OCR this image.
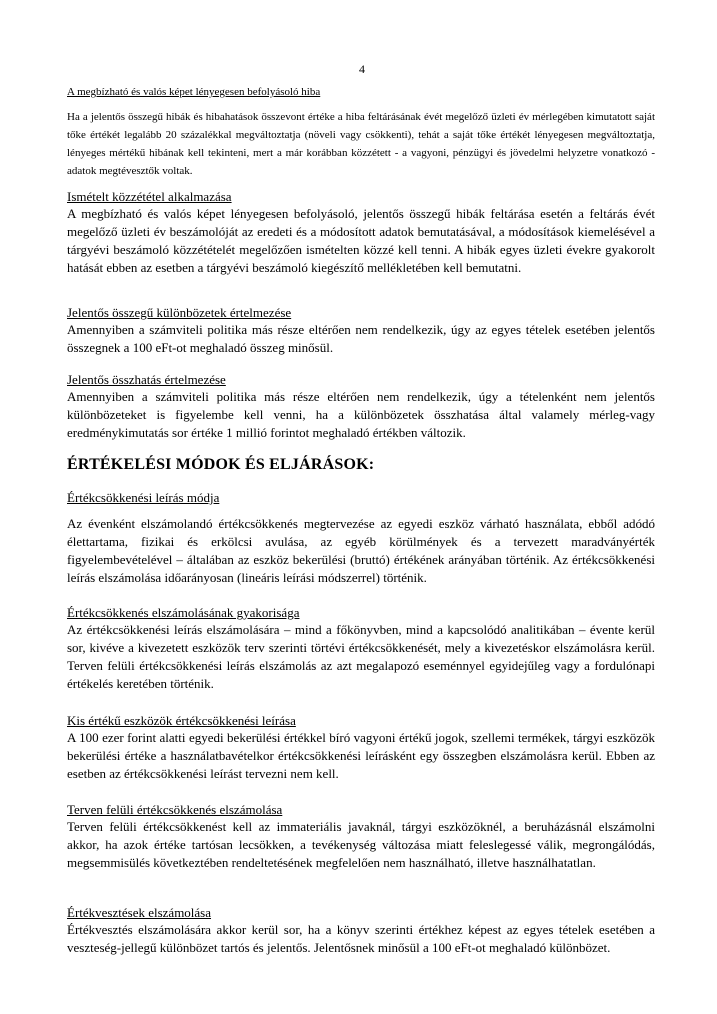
4
A megbízható és valós képet lényegesen befolyásoló hiba

Ha a jelentős összegű hibák és hibahatások összevont értéke a hiba feltárásának évét megelőző üzleti év mérlegében kimutatott saját tőke értékét legalább 20 százalékkal megváltoztatja (növeli vagy csökkenti), tehát a saját tőke értékét lényegesen megváltoztatja, lényeges mértékű hibának kell tekinteni, mert a már korábban közzétett - a vagyoni, pénzügyi és jövedelmi helyzetre vonatkozó - adatok megtévesztők voltak.

Ismételt közzététel alkalmazása

A megbízható és valós képet lényegesen befolyásoló, jelentős összegű hibák feltárása esetén a feltárás évét megelőző üzleti év beszámolóját az eredeti és a módosított adatok bemutatásával, a módosítások kiemelésével a tárgyévi beszámoló közzétételét megelőzően ismételten közzé kell tenni. A hibák egyes üzleti évekre gyakorolt hatását ebben az esetben a tárgyévi beszámoló kiegészítő mellékletében kell bemutatni.

Jelentős összegű különbözetek értelmezése

Amennyiben a számviteli politika más része eltérően nem rendelkezik, úgy az egyes tételek esetében jelentős összegnek a 100 eFt-ot meghaladó összeg minősül.

Jelentős összhatás értelmezése

Amennyiben a számviteli politika más része eltérően nem rendelkezik, úgy a tételenként nem jelentős különbözeteket is figyelembe kell venni, ha a különbözetek összhatása által valamely mérleg-vagy eredménykimutatás sor értéke 1 millió forintot meghaladó értékben változik.

ÉRTÉKELÉSI MÓDOK ÉS ELJÁRÁSOK:
Értékcsökkenési leírás módja

Az évenként elszámolandó értékcsökkenés megtervezése az egyedi eszköz várható használata, ebből adódó élettartama, fizikai és erkölcsi avulása, az egyéb körülmények és a tervezett maradványérték figyelembevételével – általában az eszköz bekerülési (bruttó) értékének arányában történik. Az értékcsökkenési leírás elszámolása időarányosan (lineáris leírási módszerrel) történik.

Értékcsökkenés elszámolásának gyakorisága

Az értékcsökkenési leírás elszámolására – mind a főkönyvben, mind a kapcsolódó analitikában – évente kerül sor, kivéve a kivezetett eszközök terv szerinti törtévi értékcsökkenését, mely a kivezetéskor elszámolásra kerül. Terven felüli értékcsökkenési leírás elszámolás az azt megalapozó eseménnyel egyidejűleg vagy a fordulónapi értékelés keretében történik.

Kis értékű eszközök értékcsökkenési leírása

A 100 ezer forint alatti egyedi bekerülési értékkel bíró vagyoni értékű jogok, szellemi termékek, tárgyi eszközök bekerülési értéke a használatbavételkor értékcsökkenési leírásként egy összegben elszámolásra kerül. Ebben az esetben az értékcsökkenési leírást tervezni nem kell.

Terven felüli értékcsökkenés elszámolása

Terven felüli értékcsökkenést kell az immateriális javaknál, tárgyi eszközöknél, a beruházásnál elszámolni akkor, ha azok értéke tartósan lecsökken, a tevékenység változása miatt feleslegessé válik, megrongálódás, megsemmisülés következtében rendeltetésének megfelelően nem használható, illetve használhatatlan.

Értékvesztések elszámolása

Értékvesztés elszámolására akkor kerül sor, ha a könyv szerinti értékhez képest az egyes tételek esetében a veszteség-jellegű különbözet tartós és jelentős. Jelentősnek minősül a 100 eFt-ot meghaladó különbözet.
